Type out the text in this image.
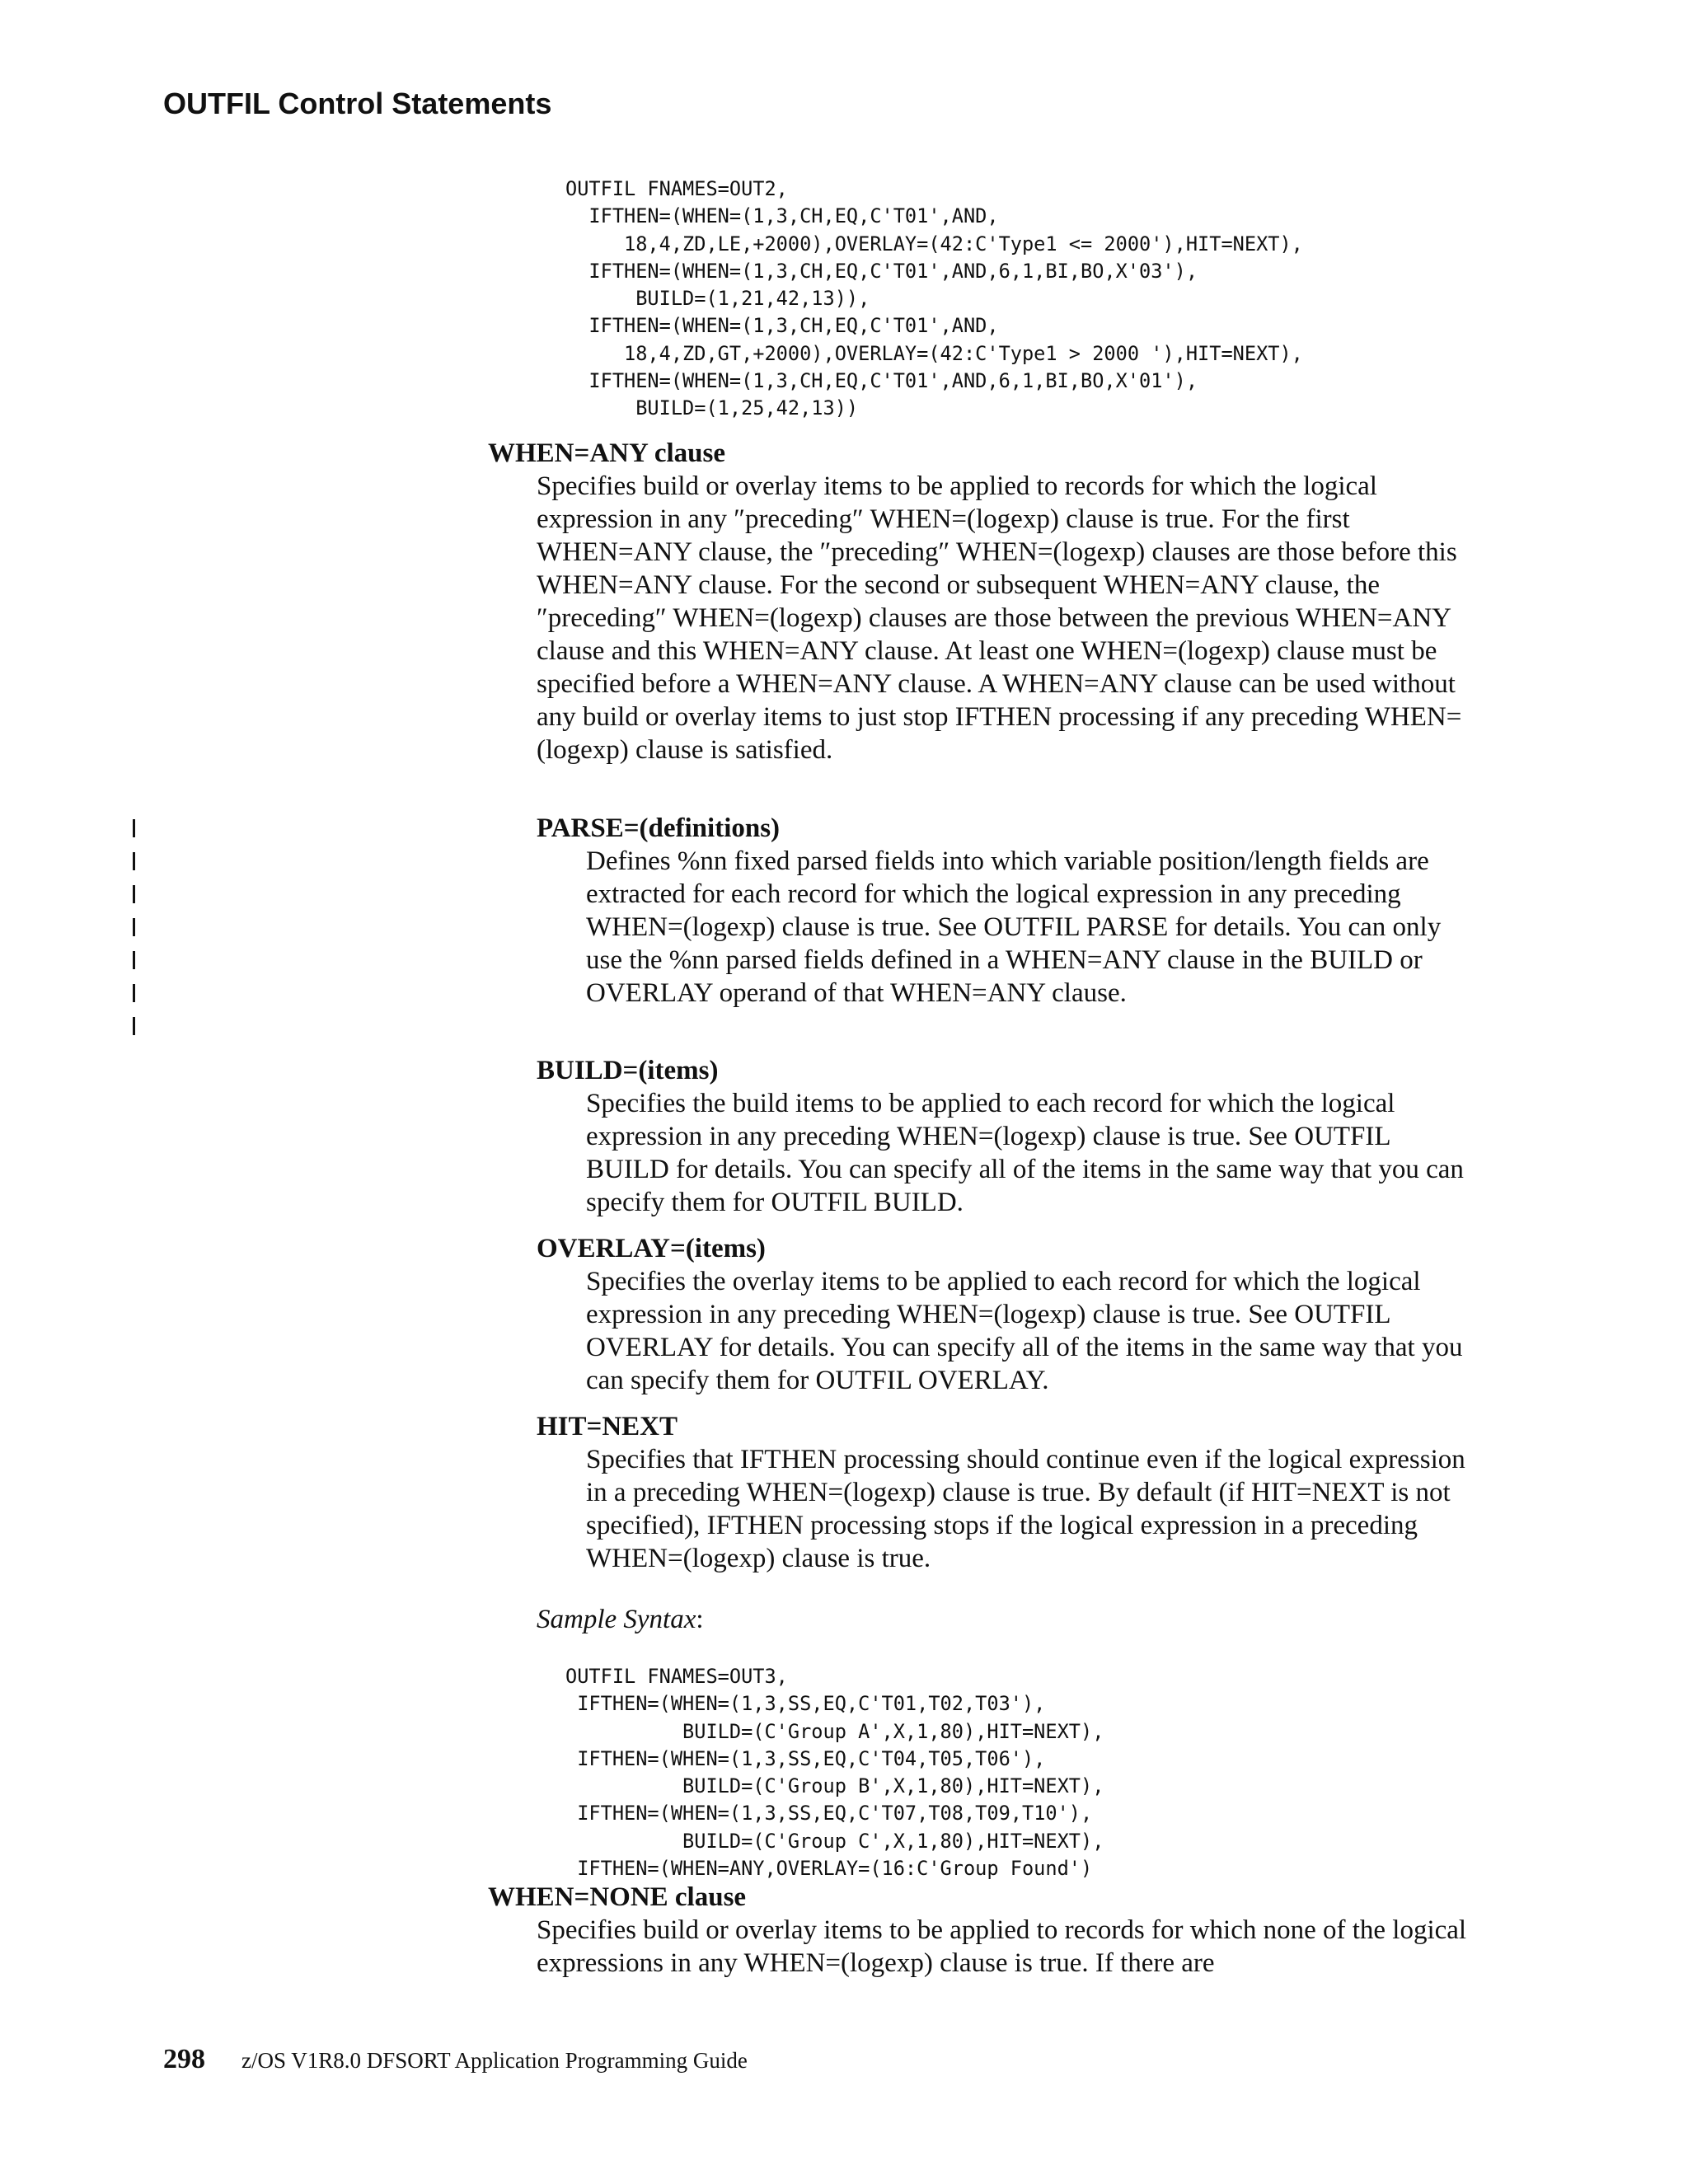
OUTFIL Control Statements
OUTFIL FNAMES=OUT2,
IFTHEN=(WHEN=(1,3,CH,EQ,C'T01',AND,
18,4,ZD,LE,+2000),OVERLAY=(42:C'Type1 <= 2000'),HIT=NEXT),
IFTHEN=(WHEN=(1,3,CH,EQ,C'T01',AND,6,1,BI,BO,X'03'),
BUILD=(1,21,42,13)),
IFTHEN=(WHEN=(1,3,CH,EQ,C'T01',AND,
18,4,ZD,GT,+2000),OVERLAY=(42:C'Type1 > 2000 '),HIT=NEXT),
IFTHEN=(WHEN=(1,3,CH,EQ,C'T01',AND,6,1,BI,BO,X'01'),
BUILD=(1,25,42,13))
WHEN=ANY clause

Specifies build or overlay items to be applied to records for which the logical expression in any ″preceding″ WHEN=(logexp) clause is true. For the first WHEN=ANY clause, the ″preceding″ WHEN=(logexp) clauses are those before this WHEN=ANY clause. For the second or subsequent WHEN=ANY clause, the ″preceding″ WHEN=(logexp) clauses are those between the previous WHEN=ANY clause and this WHEN=ANY clause. At least one WHEN=(logexp) clause must be specified before a WHEN=ANY clause. A WHEN=ANY clause can be used without any build or overlay items to just stop IFTHEN processing if any preceding WHEN=(logexp) clause is satisfied.

PARSE=(definitions)

Defines %nn fixed parsed fields into which variable position/length fields are extracted for each record for which the logical expression in any preceding WHEN=(logexp) clause is true. See OUTFIL PARSE for details. You can only use the %nn parsed fields defined in a WHEN=ANY clause in the BUILD or OVERLAY operand of that WHEN=ANY clause.

BUILD=(items)

Specifies the build items to be applied to each record for which the logical expression in any preceding WHEN=(logexp) clause is true. See OUTFIL BUILD for details. You can specify all of the items in the same way that you can specify them for OUTFIL BUILD.

OVERLAY=(items)

Specifies the overlay items to be applied to each record for which the logical expression in any preceding WHEN=(logexp) clause is true. See OUTFIL OVERLAY for details. You can specify all of the items in the same way that you can specify them for OUTFIL OVERLAY.

HIT=NEXT

Specifies that IFTHEN processing should continue even if the logical expression in a preceding WHEN=(logexp) clause is true. By default (if HIT=NEXT is not specified), IFTHEN processing stops if the logical expression in a preceding WHEN=(logexp) clause is true.

Sample Syntax:
OUTFIL FNAMES=OUT3,
IFTHEN=(WHEN=(1,3,SS,EQ,C'T01,T02,T03'),
BUILD=(C'Group A',X,1,80),HIT=NEXT),
IFTHEN=(WHEN=(1,3,SS,EQ,C'T04,T05,T06'),
BUILD=(C'Group B',X,1,80),HIT=NEXT),
IFTHEN=(WHEN=(1,3,SS,EQ,C'T07,T08,T09,T10'),
BUILD=(C'Group C',X,1,80),HIT=NEXT),
IFTHEN=(WHEN=ANY,OVERLAY=(16:C'Group Found')
WHEN=NONE clause

Specifies build or overlay items to be applied to records for which none of the logical expressions in any WHEN=(logexp) clause is true. If there are

298 z/OS V1R8.0 DFSORT Application Programming Guide
